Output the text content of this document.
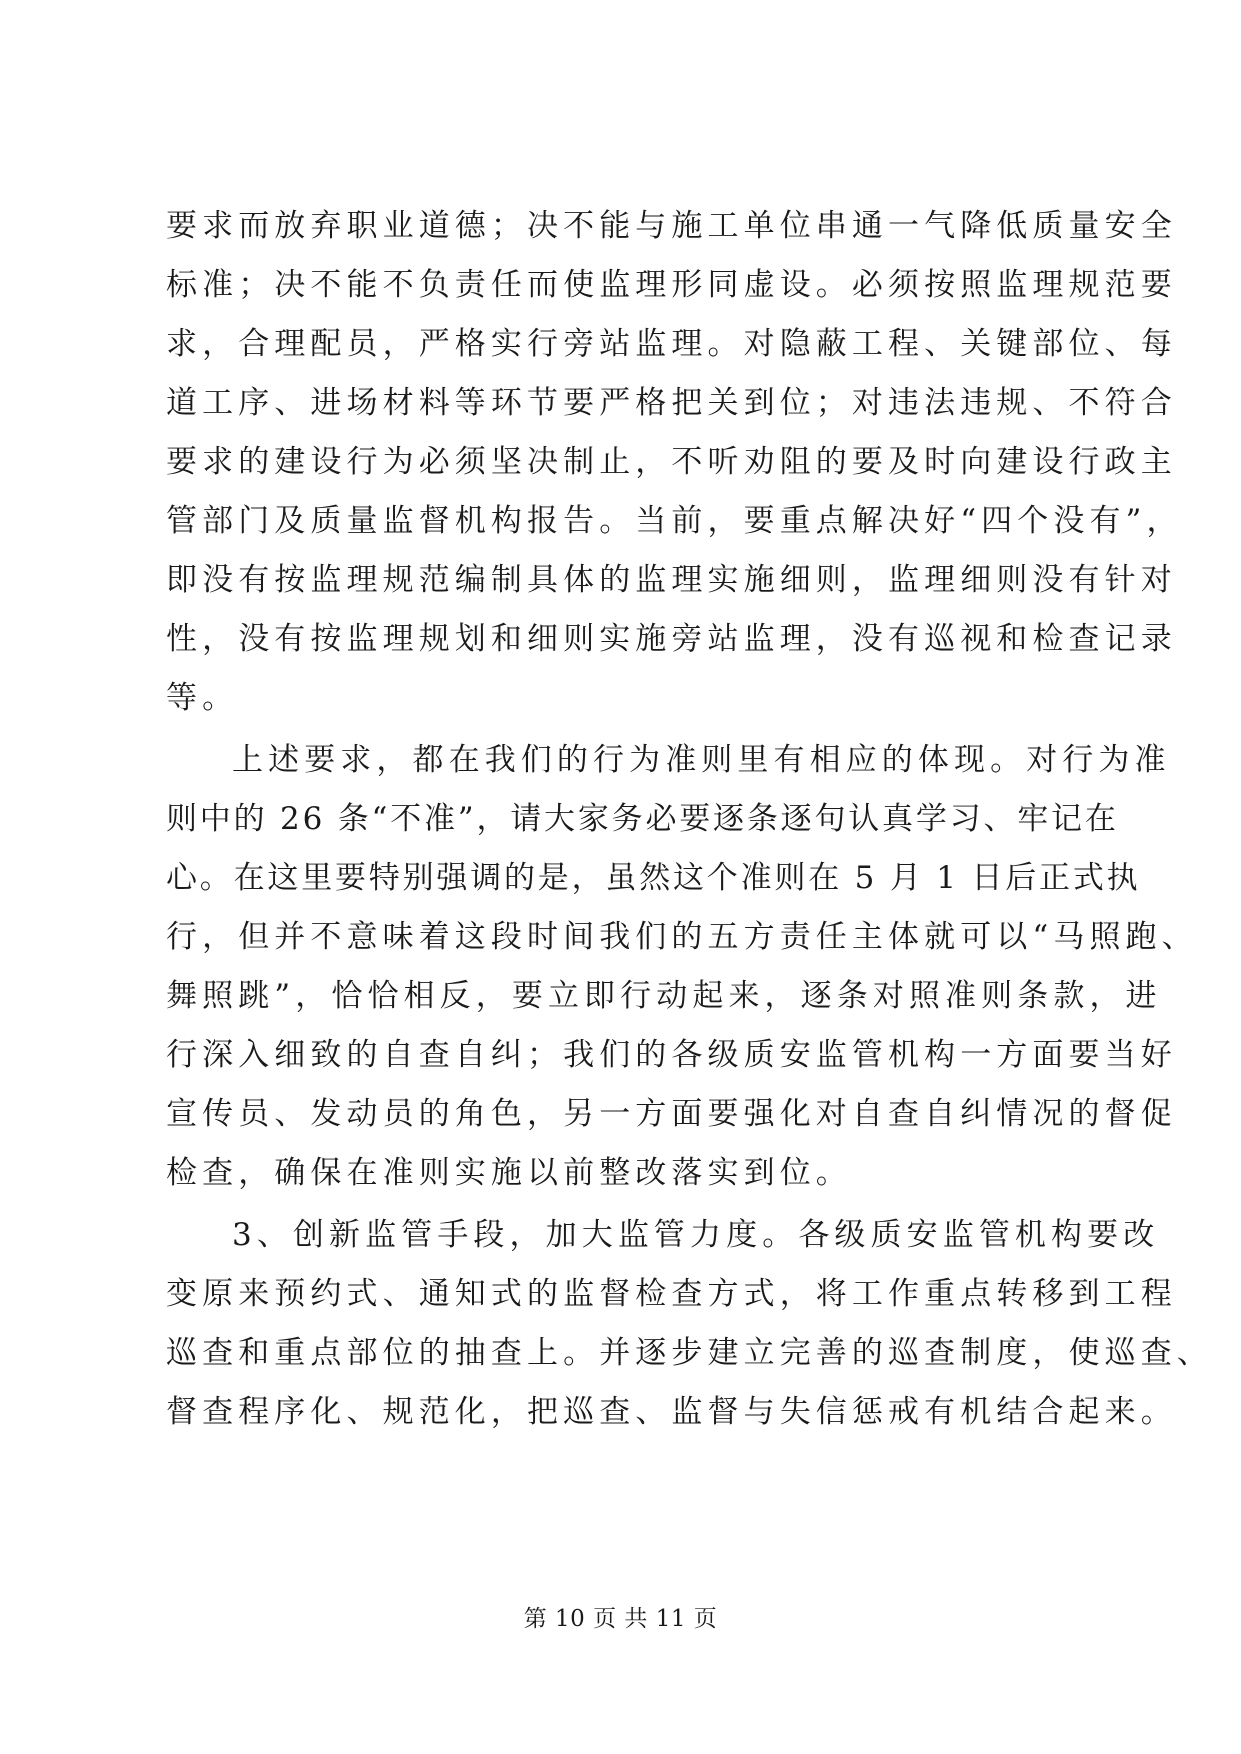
要求而放弃职业道德；决不能与施工单位串通一气降低质量安全
标准；决不能不负责任而使监理形同虚设。必须按照监理规范要
求，合理配员，严格实行旁站监理。对隐蔽工程、关键部位、每
道工序、进场材料等环节要严格把关到位；对违法违规、不符合
要求的建设行为必须坚决制止，不听劝阻的要及时向建设行政主
管部门及质量监督机构报告。当前，要重点解决好“四个没有”，
即没有按监理规范编制具体的监理实施细则，监理细则没有针对
性，没有按监理规划和细则实施旁站监理，没有巡视和检查记录
等。
上述要求，都在我们的行为准则里有相应的体现。对行为准
则中的 26 条“不准”，请大家务必要逐条逐句认真学习、牢记在
心。在这里要特别强调的是，虽然这个准则在 5 月 1 日后正式执
行，但并不意味着这段时间我们的五方责任主体就可以“马照跑、
舞照跳”，恰恰相反，要立即行动起来，逐条对照准则条款，进
行深入细致的自查自纠；我们的各级质安监管机构一方面要当好
宣传员、发动员的角色，另一方面要强化对自查自纠情况的督促
检查，确保在准则实施以前整改落实到位。
3、创新监管手段，加大监管力度。各级质安监管机构要改
变原来预约式、通知式的监督检查方式，将工作重点转移到工程
巡查和重点部位的抽查上。并逐步建立完善的巡查制度，使巡查、
督查程序化、规范化，把巡查、监督与失信惩戒有机结合起来。
第 10 页 共 11 页
